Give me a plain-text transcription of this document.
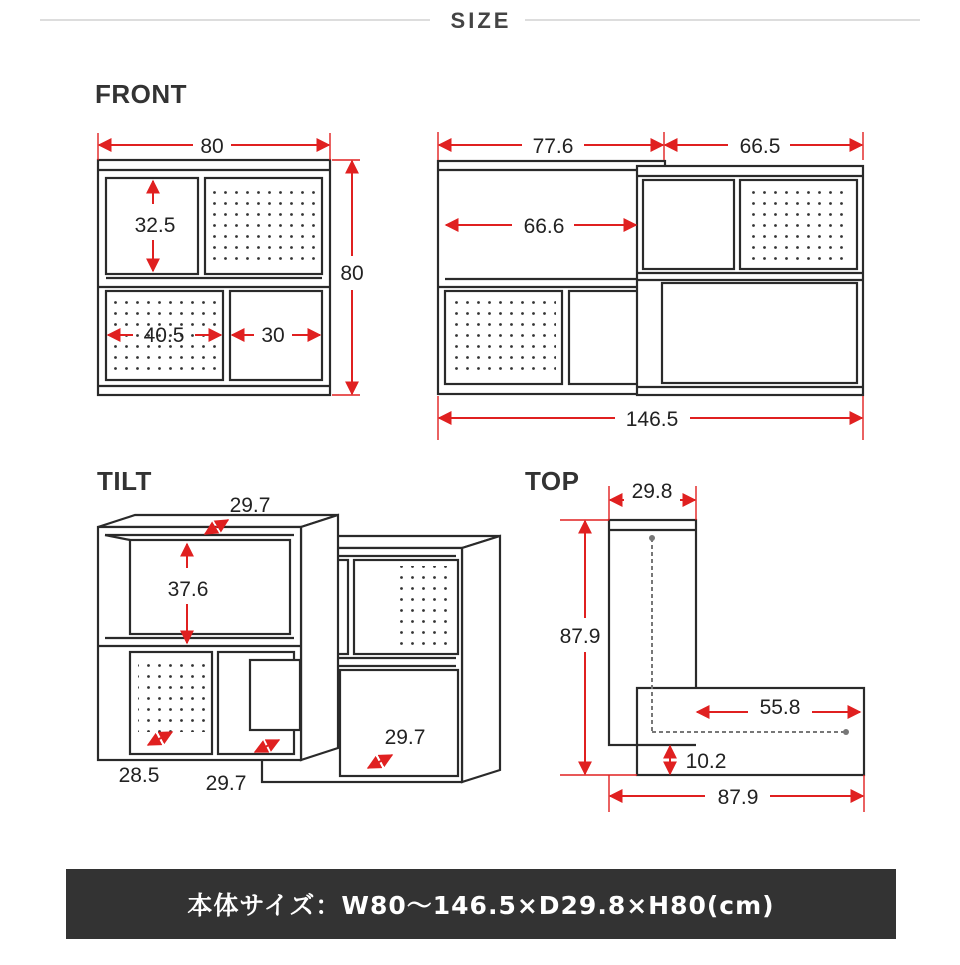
SIZE
FRONT
TILT	TOP
80
80
32.5
40.5	30
77.6	66.5
66.6
146.5
29.7
37.6
29.7
28.5 29.7
29.8
87.9
55.8
10.2
87.9
本体サイズ：W80～146.5×D29.8×H80(cm)
